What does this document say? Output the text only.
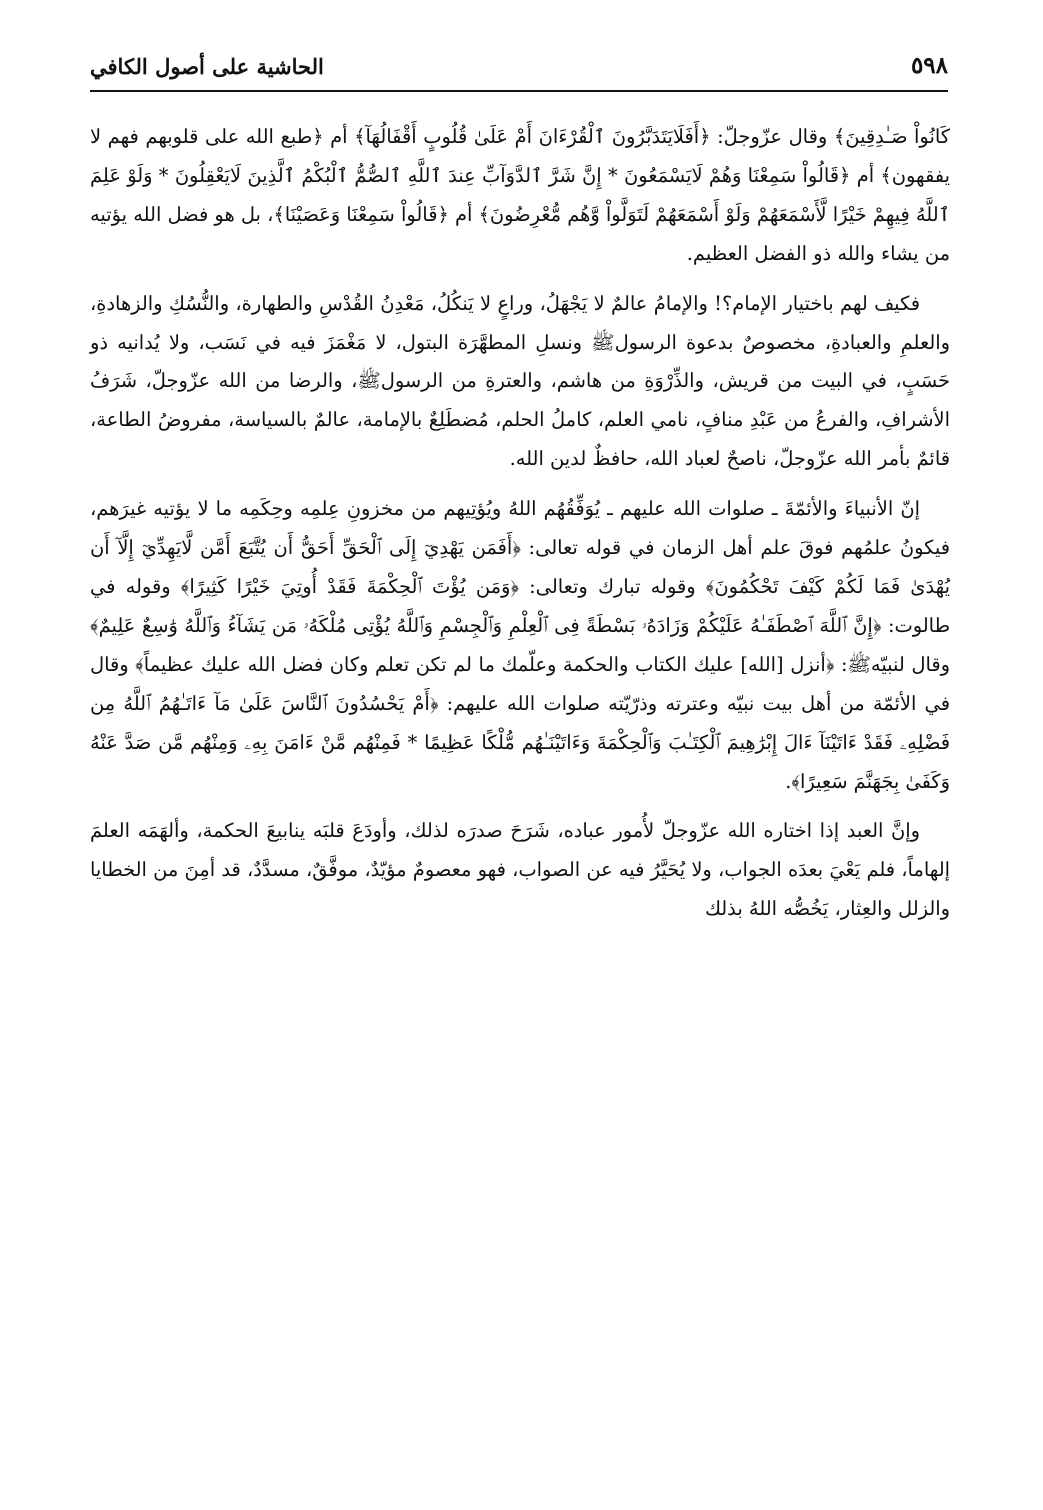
٥٩٨
الحاشية على أصول الكافي

كَانُواْ صَـٰدِقِينَ﴾ وقال عزّوجلّ: ﴿أَفَلَايَتَدَبَّرُونَ ٱلْقُرْءَانَ أَمْ عَلَىٰ قُلُوبٍ أَقْفَالُهَآ﴾ أم ﴿طبع الله على قلوبهم فهم لا يفقهون﴾ أم ﴿قَالُواْ سَمِعْنَا وَهُمْ لَايَسْمَعُونَ * إِنَّ شَرَّ ٱلدَّوَآبِّ عِندَ ٱللَّهِ ٱلصُّمُّ ٱلْبُكْمُ ٱلَّذِينَ لَايَعْقِلُونَ * وَلَوْ عَلِمَ ٱللَّهُ فِيهِمْ خَيْرًا لَّأَسْمَعَهُمْ وَلَوْ أَسْمَعَهُمْ لَتَوَلَّواْ وَّهُم مُّعْرِضُونَ﴾ أم ﴿قَالُواْ سَمِعْنَا وَعَصَيْنَا﴾، بل هو فضل الله يؤتيه من يشاء والله ذو الفضل العظيم.

فكيف لهم باختيار الإمام؟! والإمامُ عالمٌ لا يَجْهَلُ، وراعٍ لا يَنكُلُ، مَعْدِنُ القُدْسِ والطهارة، والنُّسُكِ والزهادةِ، والعلمِ والعبادةِ، مخصوصٌ بدعوة الرسولﷺ ونسلِ المطهَّرَة البتول، لا مَغْمَزَ فيه في نَسَب، ولا يُدانيه ذو حَسَبٍ، في البيت من قريش، والذِّرْوَةِ من هاشم، والعترةِ من الرسولﷺ، والرضا من الله عزّوجلّ، شَرَفُ الأشرافِ، والفرعُ من عَبْدِ منافٍ، نامي العلم، كاملُ الحلم، مُضطَلِعٌ بالإمامة، عالمٌ بالسياسة، مفروضُ الطاعة، قائمٌ بأمر الله عزّوجلّ، ناصحٌ لعباد الله، حافظٌ لدين الله.

إنّ الأنبياءَ والأئمّةَ ـ صلوات الله عليهم ـ يُوَفِّقُهُم اللهُ ويُؤتِيهم من مخزونِ عِلمِه وحِكَمِه ما لا يؤتيه غيرَهم، فيكونُ علمُهم فوقَ علم أهل الزمان في قوله تعالى: ﴿أَفَمَن يَهْدِيٓ إِلَى ٱلْحَقِّ أَحَقُّ أَن يُتَّبَعَ أَمَّن لَّايَهِدِّيٓ إِلَّآ أَن يُهْدَىٰ فَمَا لَكُمْ كَيْفَ تَحْكُمُونَ﴾ وقوله تبارك وتعالى: ﴿وَمَن يُؤْتَ ٱلْحِكْمَةَ فَقَدْ أُوتِيَ خَيْرًا كَثِيرًا﴾ وقوله في طالوت: ﴿إِنَّ ٱللَّهَ ٱصْطَفَـٰهُ عَلَيْكُمْ وَزَادَهُۥ بَسْطَةً فِى ٱلْعِلْمِ وَٱلْجِسْمِ وَٱللَّهُ يُؤْتِى مُلْكَهُۥ مَن يَشَآءُ وَٱللَّهُ وَٰسِعٌ عَلِيمٌ﴾ وقال لنبيّهﷺ: ﴿أنزل [الله] عليك الكتاب والحكمة وعلّمك ما لم تكن تعلم وكان فضل الله عليك عظيماً﴾ وقال في الأئمّة من أهل بيت نبيّه وعترته وذرّيّته صلوات الله عليهم: ﴿أَمْ يَحْسُدُونَ ٱلنَّاسَ عَلَىٰ مَآ ءَاتَـٰهُمُ ٱللَّهُ مِن فَضْلِهِۦ فَقَدْ ءَاتَيْنَآ ءَالَ إِبْرَٰهِيمَ ٱلْكِتَـٰبَ وَٱلْحِكْمَةَ وَءَاتَيْنَـٰهُم مُّلْكًا عَظِيمًا * فَمِنْهُم مَّنْ ءَامَنَ بِهِۦ وَمِنْهُم مَّن صَدَّ عَنْهُ وَكَفَىٰ بِجَهَنَّمَ سَعِيرًا﴾.

وإنَّ العبد إذا اختاره الله عزّوجلّ لأُمور عباده، شَرَحَ صدرَه لذلك، وأودَعَ قلبَه ينابيعَ الحكمة، وألهَمَه العلمَ إلهاماً، فلم يَعْيَ بعدَه الجواب، ولا يُحَيَّرُ فيه عن الصواب، فهو معصومٌ مؤيّدٌ، موفَّقٌ، مسدَّدٌ، قد أمِنَ من الخطايا والزلل والعِثار، يَخُصُّه اللهُ بذلك
